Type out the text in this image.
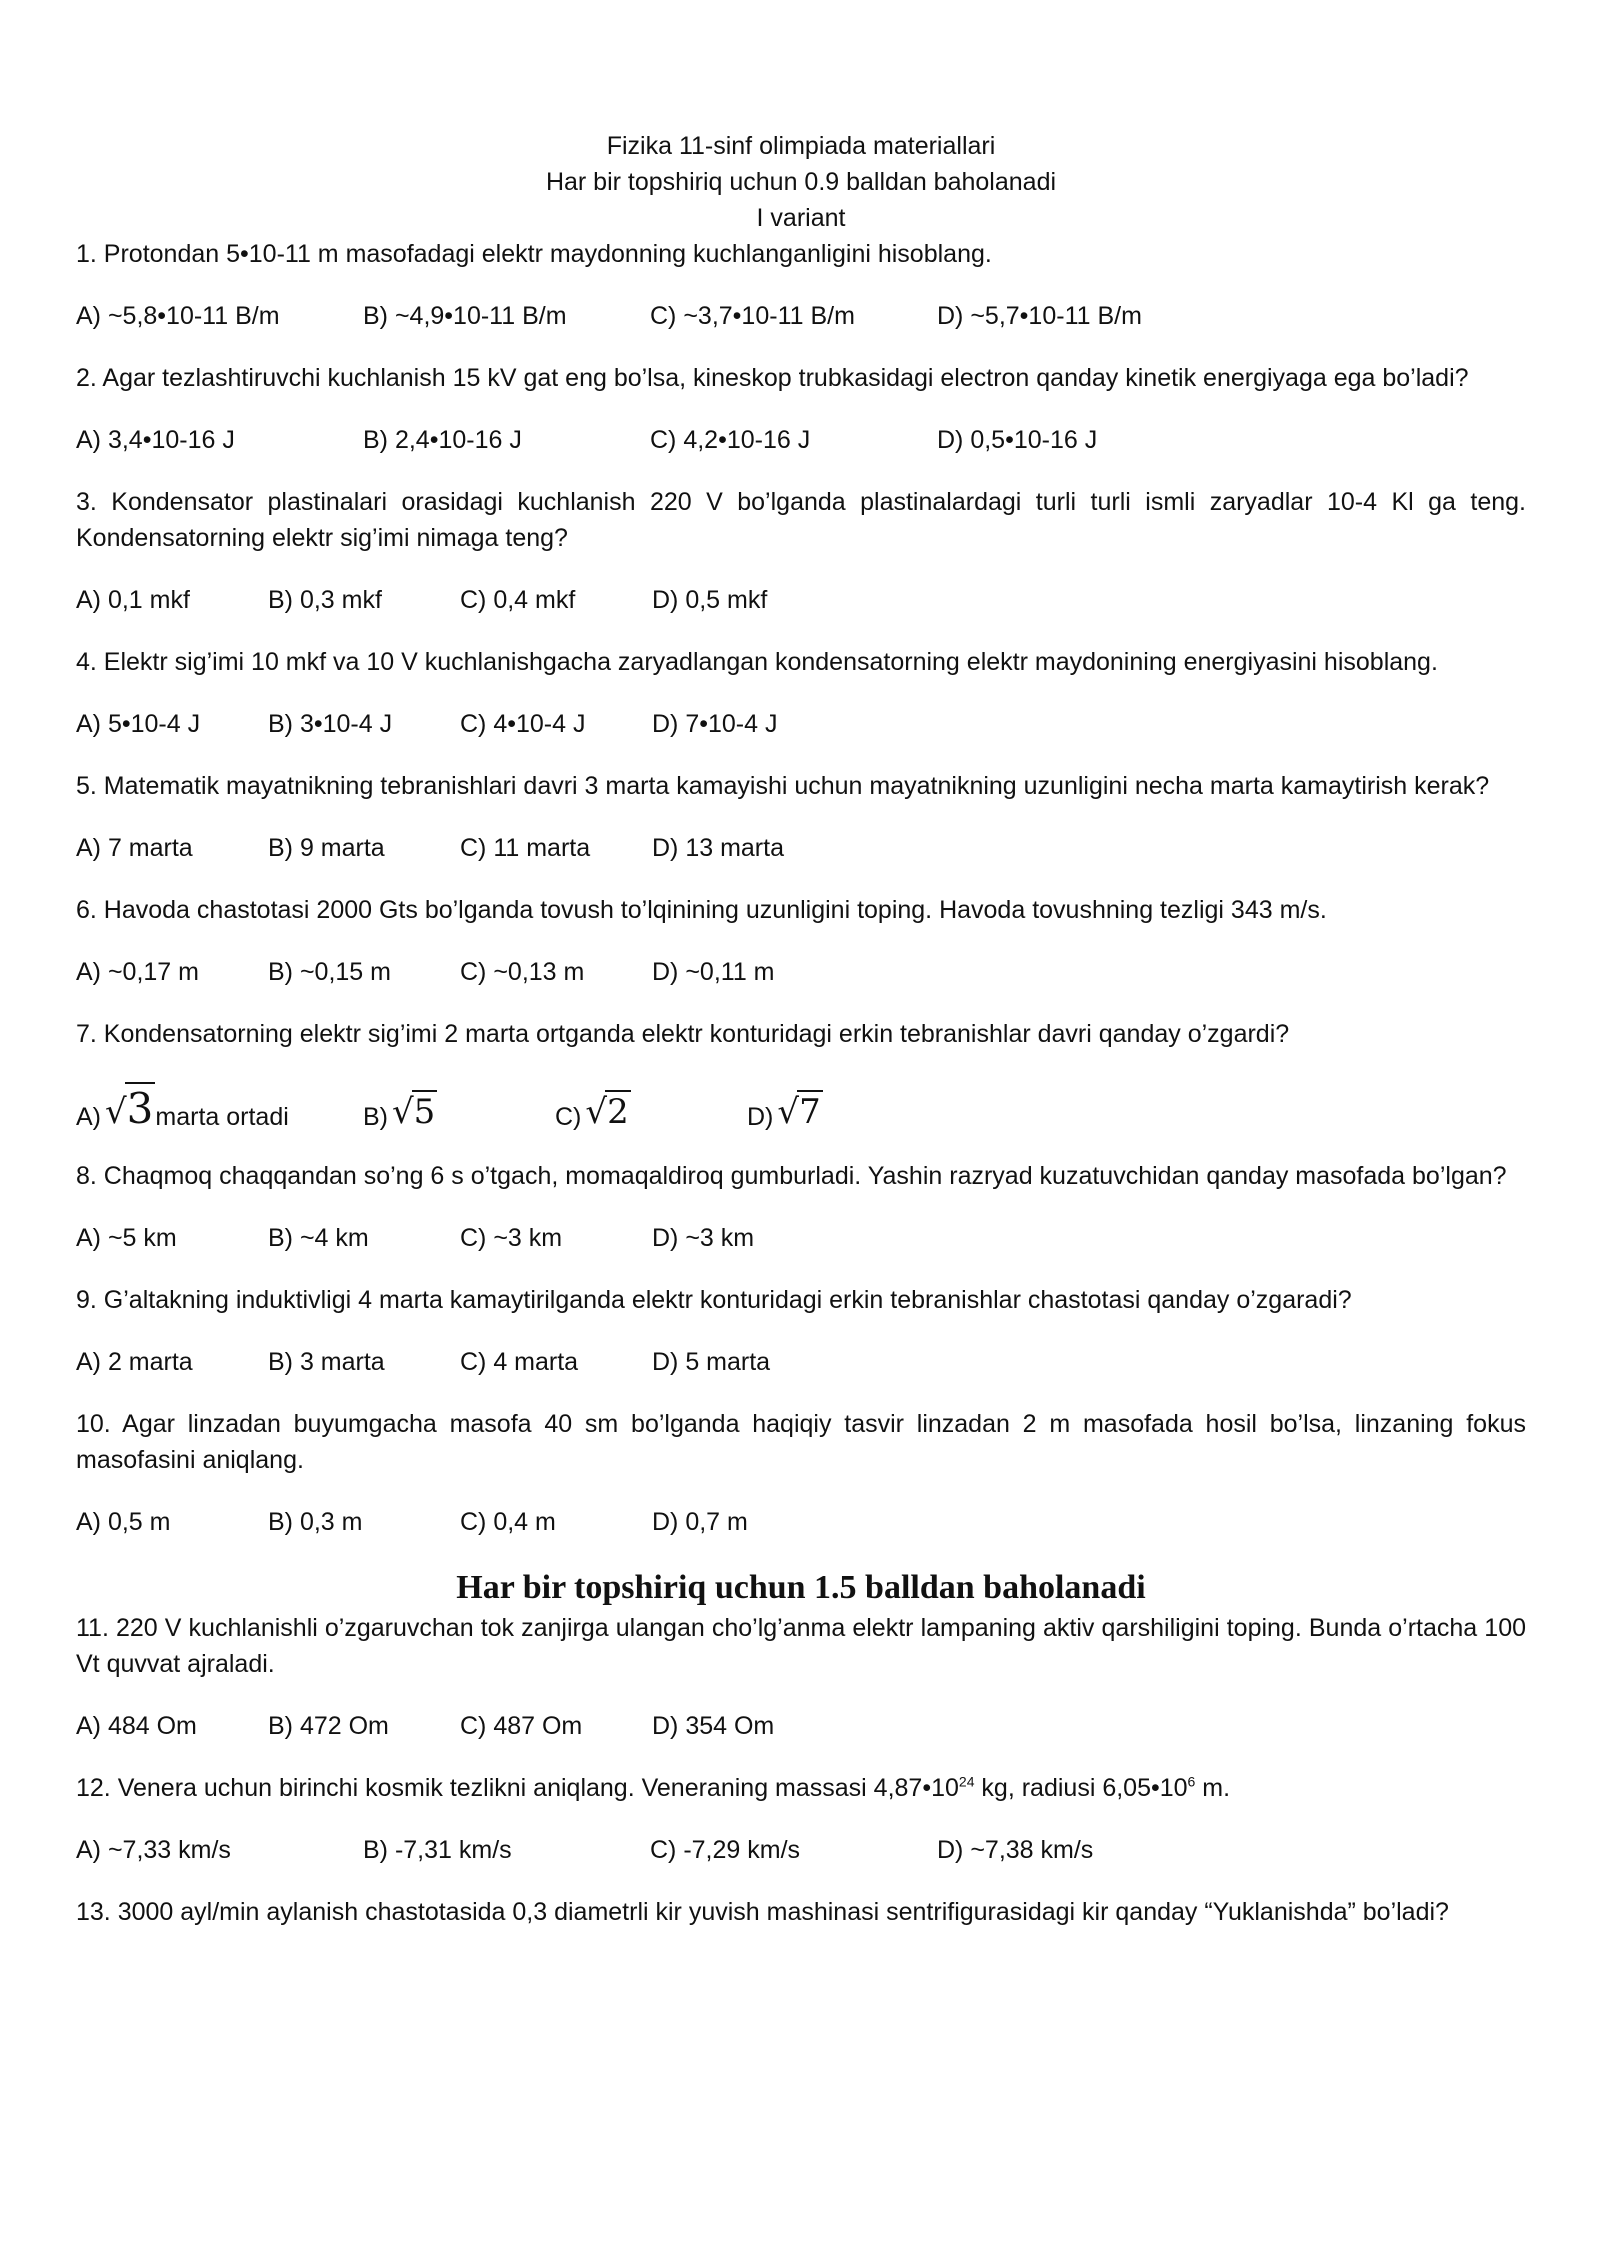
Fizika 11-sinf olimpiada materiallari
Har bir topshiriq uchun 0.9 balldan baholanadi
I variant

1. Protondan 5•10-11 m masofadagi elektr maydonning kuchlanganligini hisoblang.

A) ~5,8•10-11 B/m	B) ~4,9•10-11 B/m	C) ~3,7•10-11 B/m	D) ~5,7•10-11 B/m

2. Agar tezlashtiruvchi kuchlanish 15 kV gat eng bo’lsa, kineskop trubkasidagi electron qanday kinetik energiyaga ega bo’ladi?

A) 3,4•10-16 J	B) 2,4•10-16 J	C) 4,2•10-16 J	D) 0,5•10-16 J

3. Kondensator plastinalari orasidagi kuchlanish 220 V bo’lganda plastinalardagi turli turli ismli zaryadlar 10-4 Kl ga teng. Kondensatorning elektr sig’imi nimaga teng?

A) 0,1 mkf	B) 0,3 mkf	C) 0,4 mkf	D) 0,5 mkf

4. Elektr sig’imi 10 mkf va 10 V kuchlanishgacha zaryadlangan kondensatorning elektr maydonining energiyasini hisoblang.

A) 5•10-4 J	B) 3•10-4 J	C) 4•10-4 J	D) 7•10-4 J

5. Matematik mayatnikning tebranishlari davri 3 marta kamayishi uchun mayatnikning uzunligini necha marta kamaytirish kerak?

A) 7 marta	B) 9 marta	C) 11 marta	D) 13 marta

6. Havoda chastotasi 2000 Gts bo’lganda tovush to’lqinining uzunligini toping. Havoda tovushning tezligi 343 m/s.

A) ~0,17 m	B) ~0,15 m	C) ~0,13 m	D) ~0,11 m

7. Kondensatorning elektr sig’imi 2 marta ortganda elektr konturidagi erkin tebranishlar davri qanday o’zgardi?

A) √3 marta ortadi	B) √5	C) √2	D) √7

8. Chaqmoq chaqqandan so’ng 6 s o’tgach, momaqaldiroq gumburladi. Yashin razryad kuzatuvchidan qanday masofada bo’lgan?

A) ~5 km	B) ~4 km	C) ~3 km	D) ~3 km

9. G’altakning induktivligi 4 marta kamaytirilganda elektr konturidagi erkin tebranishlar chastotasi qanday o’zgaradi?

A) 2 marta	B) 3 marta	C) 4 marta	D) 5 marta

10. Agar linzadan buyumgacha masofa 40 sm bo’lganda haqiqiy tasvir linzadan 2 m masofada hosil bo’lsa, linzaning fokus masofasini aniqlang.

A) 0,5 m	B) 0,3 m	C) 0,4 m	D) 0,7 m
Har bir topshiriq uchun 1.5 balldan baholanadi

11. 220 V kuchlanishli o’zgaruvchan tok zanjirga ulangan cho’lg’anma elektr lampaning aktiv qarshiligini toping. Bunda o’rtacha 100 Vt quvvat ajraladi.

A) 484 Om	B) 472 Om	C) 487 Om	D) 354 Om

12. Venera uchun birinchi kosmik tezlikni aniqlang. Veneraning massasi $4,87•10^{24}$ kg, radiusi $6,05•10^6$ m.

A) ~7,33 km/s	B) -7,31 km/s	C) -7,29 km/s	D) ~7,38 km/s

13. 3000 ayl/min aylanish chastotasida 0,3 diametrli kir yuvish mashinasi sentrifigurasidagi kir qanday “Yuklanishda” bo’ladi?
